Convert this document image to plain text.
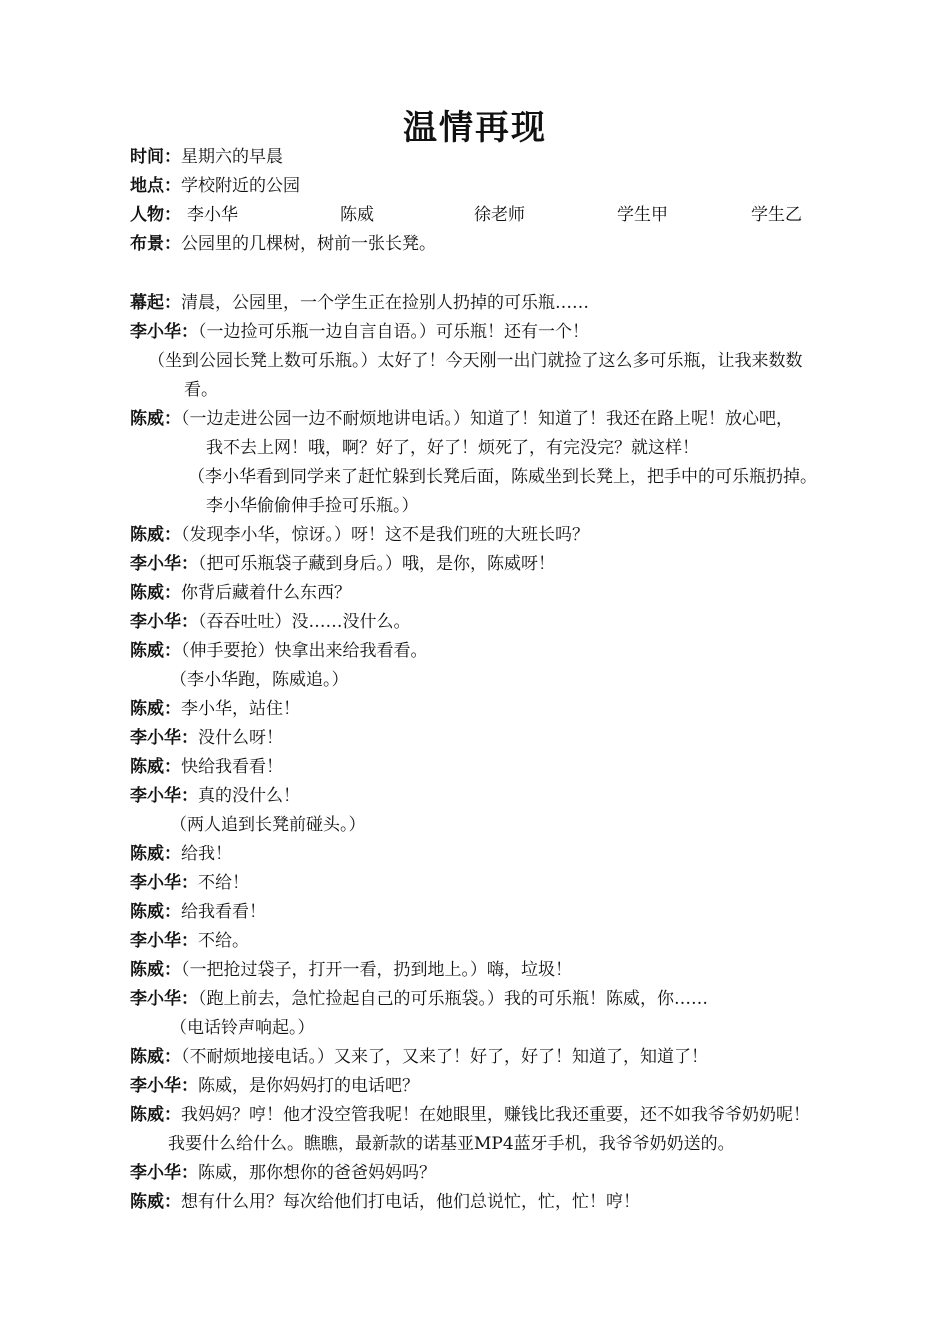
温情再现
时间：星期六的早晨
地点：学校附近的公园
人物： 李小华	陈威	徐老师	学生甲	学生乙
布景：公园里的几棵树，树前一张长凳。
幕起：清晨，公园里，一个学生正在捡别人扔掉的可乐瓶……
李小华：（一边捡可乐瓶一边自言自语。）可乐瓶！还有一个！
（坐到公园长凳上数可乐瓶。）太好了！今天刚一出门就捡了这么多可乐瓶，让我来数数
看。
陈威：（一边走进公园一边不耐烦地讲电话。）知道了！知道了！我还在路上呢！放心吧，
我不去上网！哦，啊？好了，好了！烦死了，有完没完？就这样！
（李小华看到同学来了赶忙躲到长凳后面，陈威坐到长凳上，把手中的可乐瓶扔掉。
李小华偷偷伸手捡可乐瓶。）
陈威：（发现李小华，惊讶。）呀！这不是我们班的大班长吗？
李小华：（把可乐瓶袋子藏到身后。）哦，是你，陈威呀！
陈威：你背后藏着什么东西？
李小华：（吞吞吐吐）没……没什么。
陈威：（伸手要抢）快拿出来给我看看。
（李小华跑，陈威追。）
陈威：李小华，站住！
李小华：没什么呀！
陈威：快给我看看！
李小华：真的没什么！
（两人追到长凳前碰头。）
陈威：给我！
李小华：不给！
陈威：给我看看！
李小华：不给。
陈威：（一把抢过袋子，打开一看，扔到地上。）嗨，垃圾！
李小华：（跑上前去，急忙捡起自己的可乐瓶袋。）我的可乐瓶！陈威，你……
（电话铃声响起。）
陈威：（不耐烦地接电话。）又来了，又来了！好了，好了！知道了，知道了！
李小华：陈威，是你妈妈打的电话吧？
陈威：我妈妈？哼！他才没空管我呢！在她眼里，赚钱比我还重要，还不如我爷爷奶奶呢！
我要什么给什么。瞧瞧，最新款的诺基亚MP4蓝牙手机，我爷爷奶奶送的。
李小华：陈威，那你想你的爸爸妈妈吗？
陈威：想有什么用？每次给他们打电话，他们总说忙，忙，忙！哼！
